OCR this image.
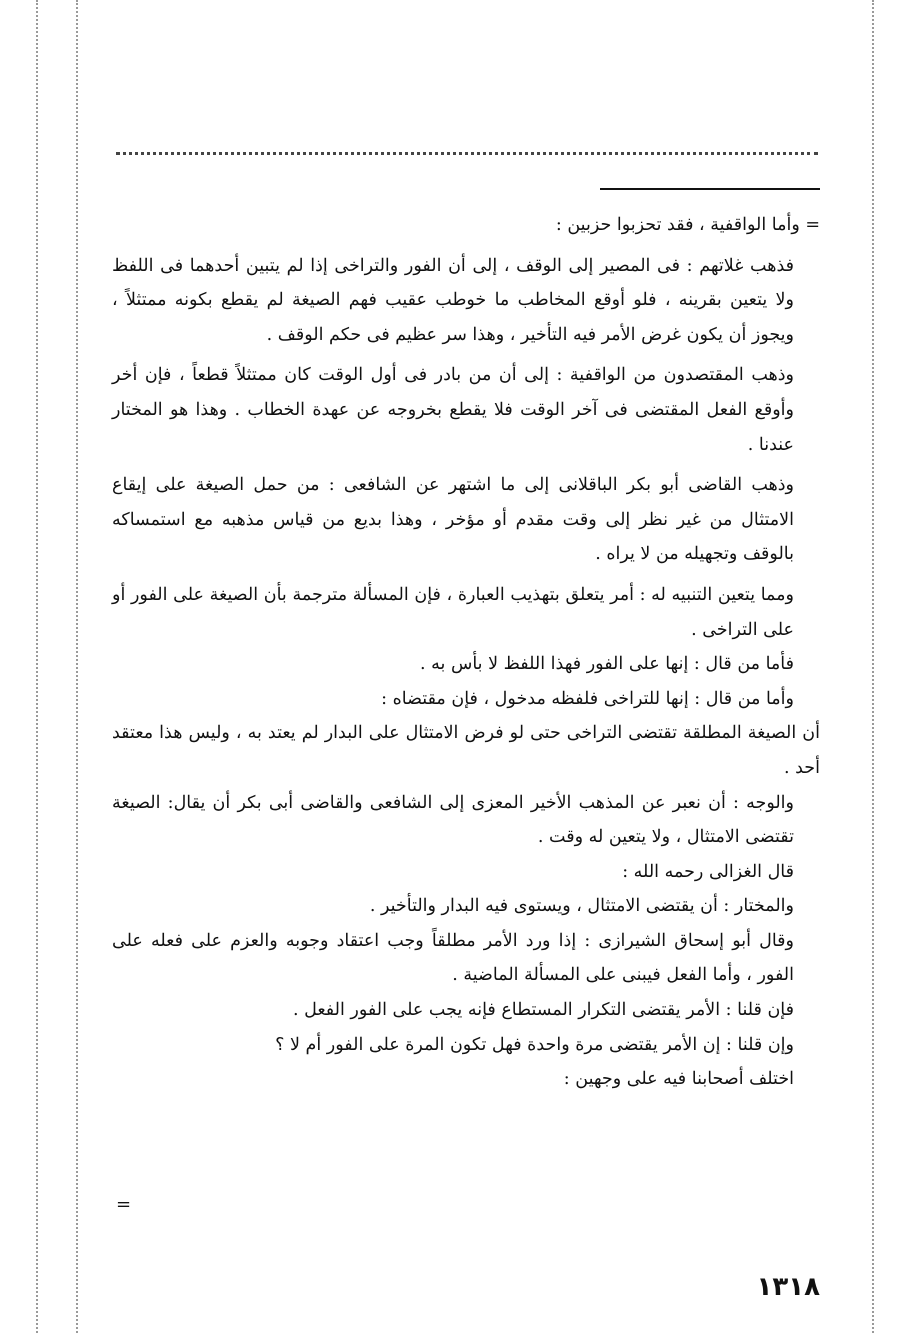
= وأما الواقفية ، فقد تحزبوا حزبين :

فذهب غلاتهم : فى المصير إلى الوقف ، إلى أن الفور والتراخى إذا لم يتبين أحدهما فى اللفظ ولا يتعين بقرينه ، فلو أوقع المخاطب ما خوطب عقيب فهم الصيغة لم يقطع بكونه ممتثلاً ، ويجوز أن يكون غرض الأمر فيه التأخير ، وهذا سر عظيم فى حكم الوقف .

وذهب المقتصدون من الواقفية : إلى أن من بادر فى أول الوقت كان ممتثلاً قطعاً ، فإن أخر وأوقع الفعل المقتضى فى آخر الوقت فلا يقطع بخروجه عن عهدة الخطاب . وهذا هو المختار عندنا .

وذهب القاضى أبو بكر الباقلانى إلى ما اشتهر عن الشافعى : من حمل الصيغة على إيقاع الامتثال من غير نظر إلى وقت مقدم أو مؤخر ، وهذا بديع من قياس مذهبه مع استمساكه بالوقف وتجهيله من لا يراه .

ومما يتعين التنبيه له : أمر يتعلق بتهذيب العبارة ، فإن المسألة مترجمة بأن الصيغة على الفور أو على التراخى .

فأما من قال : إنها على الفور فهذا اللفظ لا بأس به .

وأما من قال : إنها للتراخى فلفظه مدخول ، فإن مقتضاه :

أن الصيغة المطلقة تقتضى التراخى حتى لو فرض الامتثال على البدار لم يعتد به ، وليس هذا معتقد أحد .

والوجه : أن نعبر عن المذهب الأخير المعزى إلى الشافعى والقاضى أبى بكر أن يقال: الصيغة تقتضى الامتثال ، ولا يتعين له وقت .

قال الغزالى رحمه الله :

والمختار : أن يقتضى الامتثال ، ويستوى فيه البدار والتأخير .

وقال أبو إسحاق الشيرازى : إذا ورد الأمر مطلقاً وجب اعتقاد وجوبه والعزم على فعله على الفور ، وأما الفعل فيبنى على المسألة الماضية .

فإن قلنا : الأمر يقتضى التكرار المستطاع فإنه يجب على الفور الفعل .

وإن قلنا : إن الأمر يقتضى مرة واحدة فهل تكون المرة على الفور أم لا ؟

اختلف أصحابنا فيه على وجهين :

=
١٣١٨
